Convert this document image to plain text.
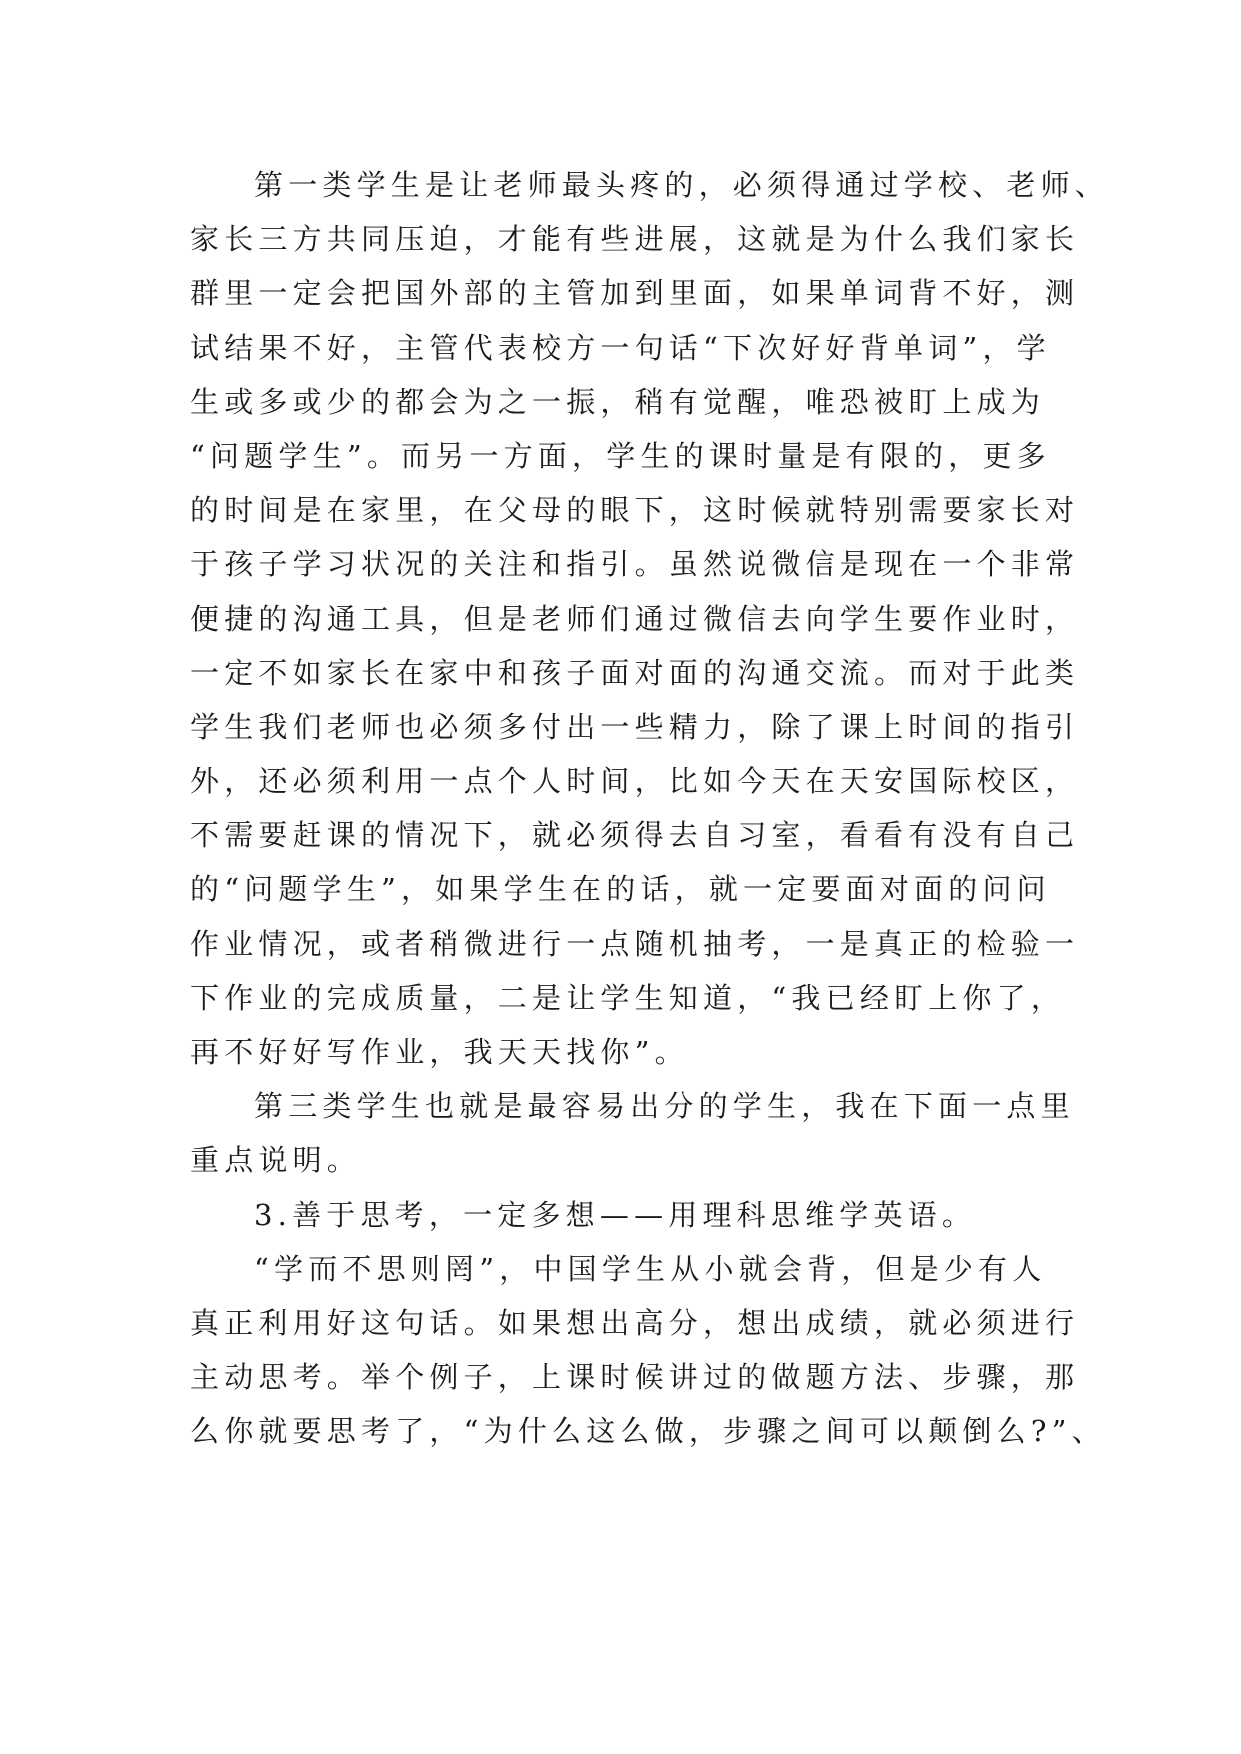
第一类学生是让老师最头疼的，必须得通过学校、老师、
家长三方共同压迫，才能有些进展，这就是为什么我们家长
群里一定会把国外部的主管加到里面，如果单词背不好，测
试结果不好，主管代表校方一句话“下次好好背单词”，学
生或多或少的都会为之一振，稍有觉醒，唯恐被盯上成为
“问题学生”。而另一方面，学生的课时量是有限的，更多
的时间是在家里，在父母的眼下，这时候就特别需要家长对
于孩子学习状况的关注和指引。虽然说微信是现在一个非常
便捷的沟通工具，但是老师们通过微信去向学生要作业时，
一定不如家长在家中和孩子面对面的沟通交流。而对于此类
学生我们老师也必须多付出一些精力，除了课上时间的指引
外，还必须利用一点个人时间，比如今天在天安国际校区，
不需要赶课的情况下，就必须得去自习室，看看有没有自己
的“问题学生”，如果学生在的话，就一定要面对面的问问
作业情况，或者稍微进行一点随机抽考，一是真正的检验一
下作业的完成质量，二是让学生知道，“我已经盯上你了，
再不好好写作业，我天天找你”。
第三类学生也就是最容易出分的学生，我在下面一点里
重点说明。
3.善于思考，一定多想——用理科思维学英语。
“学而不思则罔”，中国学生从小就会背，但是少有人
真正利用好这句话。如果想出高分，想出成绩，就必须进行
主动思考。举个例子，上课时候讲过的做题方法、步骤，那
么你就要思考了，“为什么这么做，步骤之间可以颠倒么?”、
